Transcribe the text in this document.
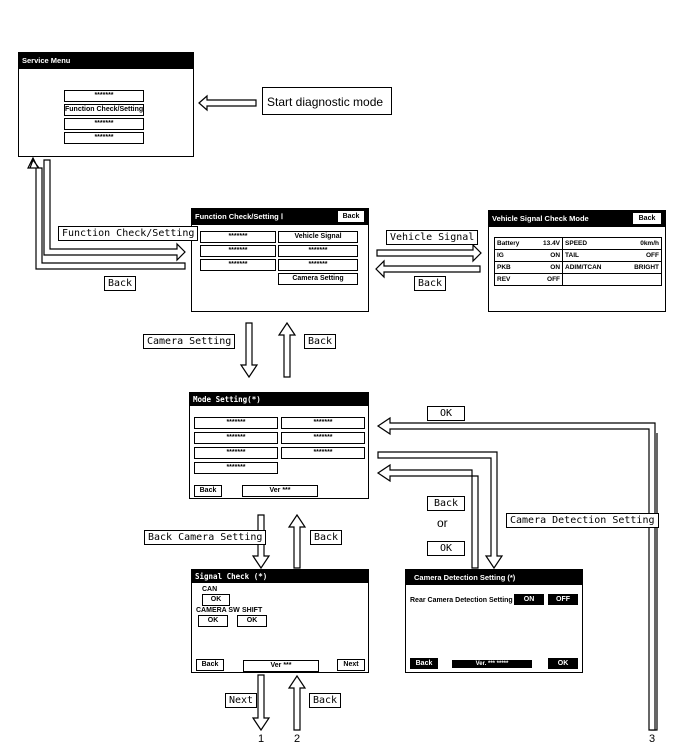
Start diagnostic mode
Service Menu
*******
Function Check/Setting
*******
*******
Function Check/Setting Ⅰ	Back
*******
*******
*******
Vehicle Signal
*******
*******
Camera Setting
Vehicle Signal Check Mode	Back
Battery	13.4V	SPEED	0km/h
IG	ON	TAIL	OFF
PKB	ON	ADIM/TCAN	BRIGHT
REV	OFF		
Mode Setting(*)
*******
*******
*******
*******
*******
*******
*******
Back	Ver ***
Signal Check (*)
CAN
OK
CAMERA SW SHIFT
OK	OK
Back	Ver ***	Next
Camera Detection Setting (*)
Rear Camera Detection Setting	ON	OFF
Back	Ver. *** *****	OK
Function Check/Setting
Back
Vehicle Signal
Back
Camera Setting	Back
OK
Back Camera Setting	Back
Back
or
OK
Camera Detection Setting
Next	Back
1	2	3
